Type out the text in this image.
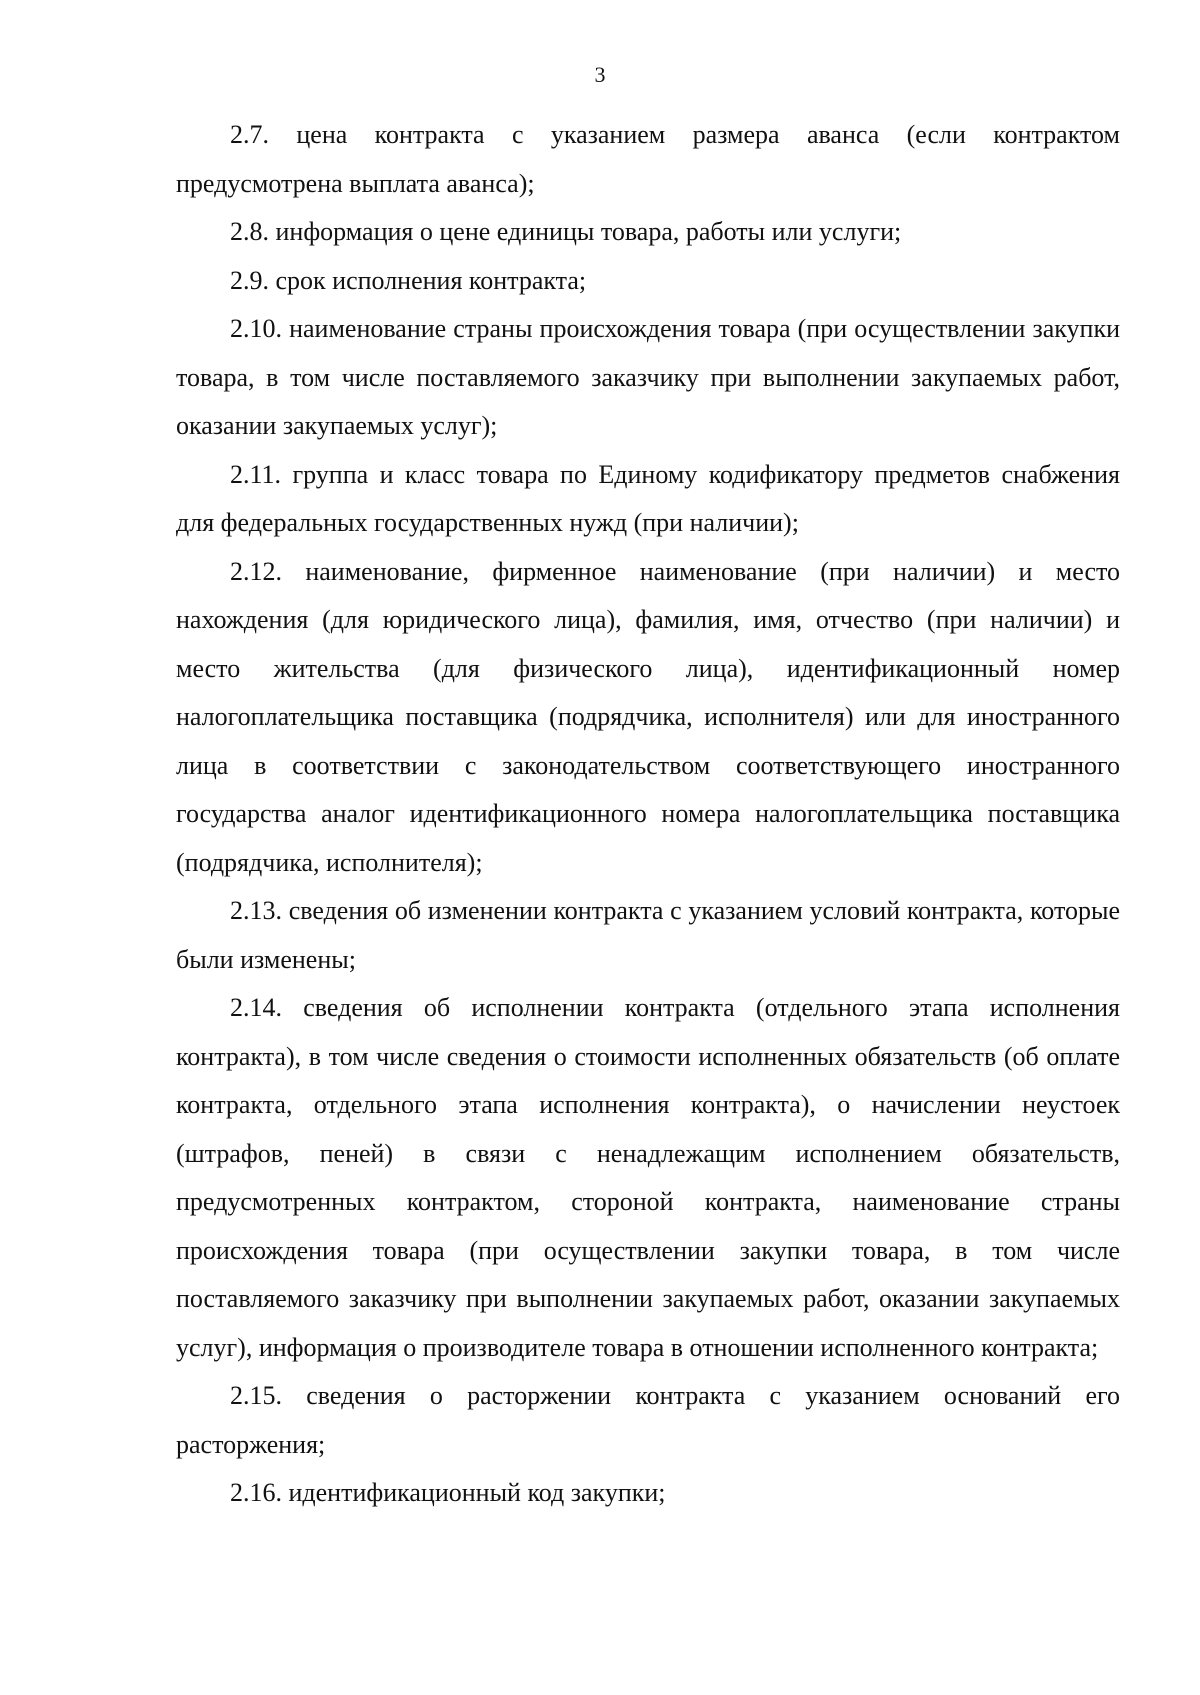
3

2.7. цена контракта с указанием размера аванса (если контрактом предусмотрена выплата аванса);

2.8. информация о цене единицы товара, работы или услуги;

2.9. срок исполнения контракта;

2.10. наименование страны происхождения товара (при осуществлении закупки товара, в том числе поставляемого заказчику при выполнении закупаемых работ, оказании закупаемых услуг);

2.11. группа и класс товара по Единому кодификатору предметов снабжения для федеральных государственных нужд (при наличии);

2.12. наименование, фирменное наименование (при наличии) и место нахождения (для юридического лица), фамилия, имя, отчество (при наличии) и место жительства (для физического лица), идентификационный номер налогоплательщика поставщика (подрядчика, исполнителя) или для иностранного лица в соответствии с законодательством соответствующего иностранного государства аналог идентификационного номера налогоплательщика поставщика (подрядчика, исполнителя);

2.13. сведения об изменении контракта с указанием условий контракта, которые были изменены;

2.14. сведения об исполнении контракта (отдельного этапа исполнения контракта), в том числе сведения о стоимости исполненных обязательств (об оплате контракта, отдельного этапа исполнения контракта), о начислении неустоек (штрафов, пеней) в связи с ненадлежащим исполнением обязательств, предусмотренных контрактом, стороной контракта, наименование страны происхождения товара (при осуществлении закупки товара, в том числе поставляемого заказчику при выполнении закупаемых работ, оказании закупаемых услуг), информация о производителе товара в отношении исполненного контракта;

2.15. сведения о расторжении контракта с указанием оснований его расторжения;

2.16. идентификационный код закупки;
